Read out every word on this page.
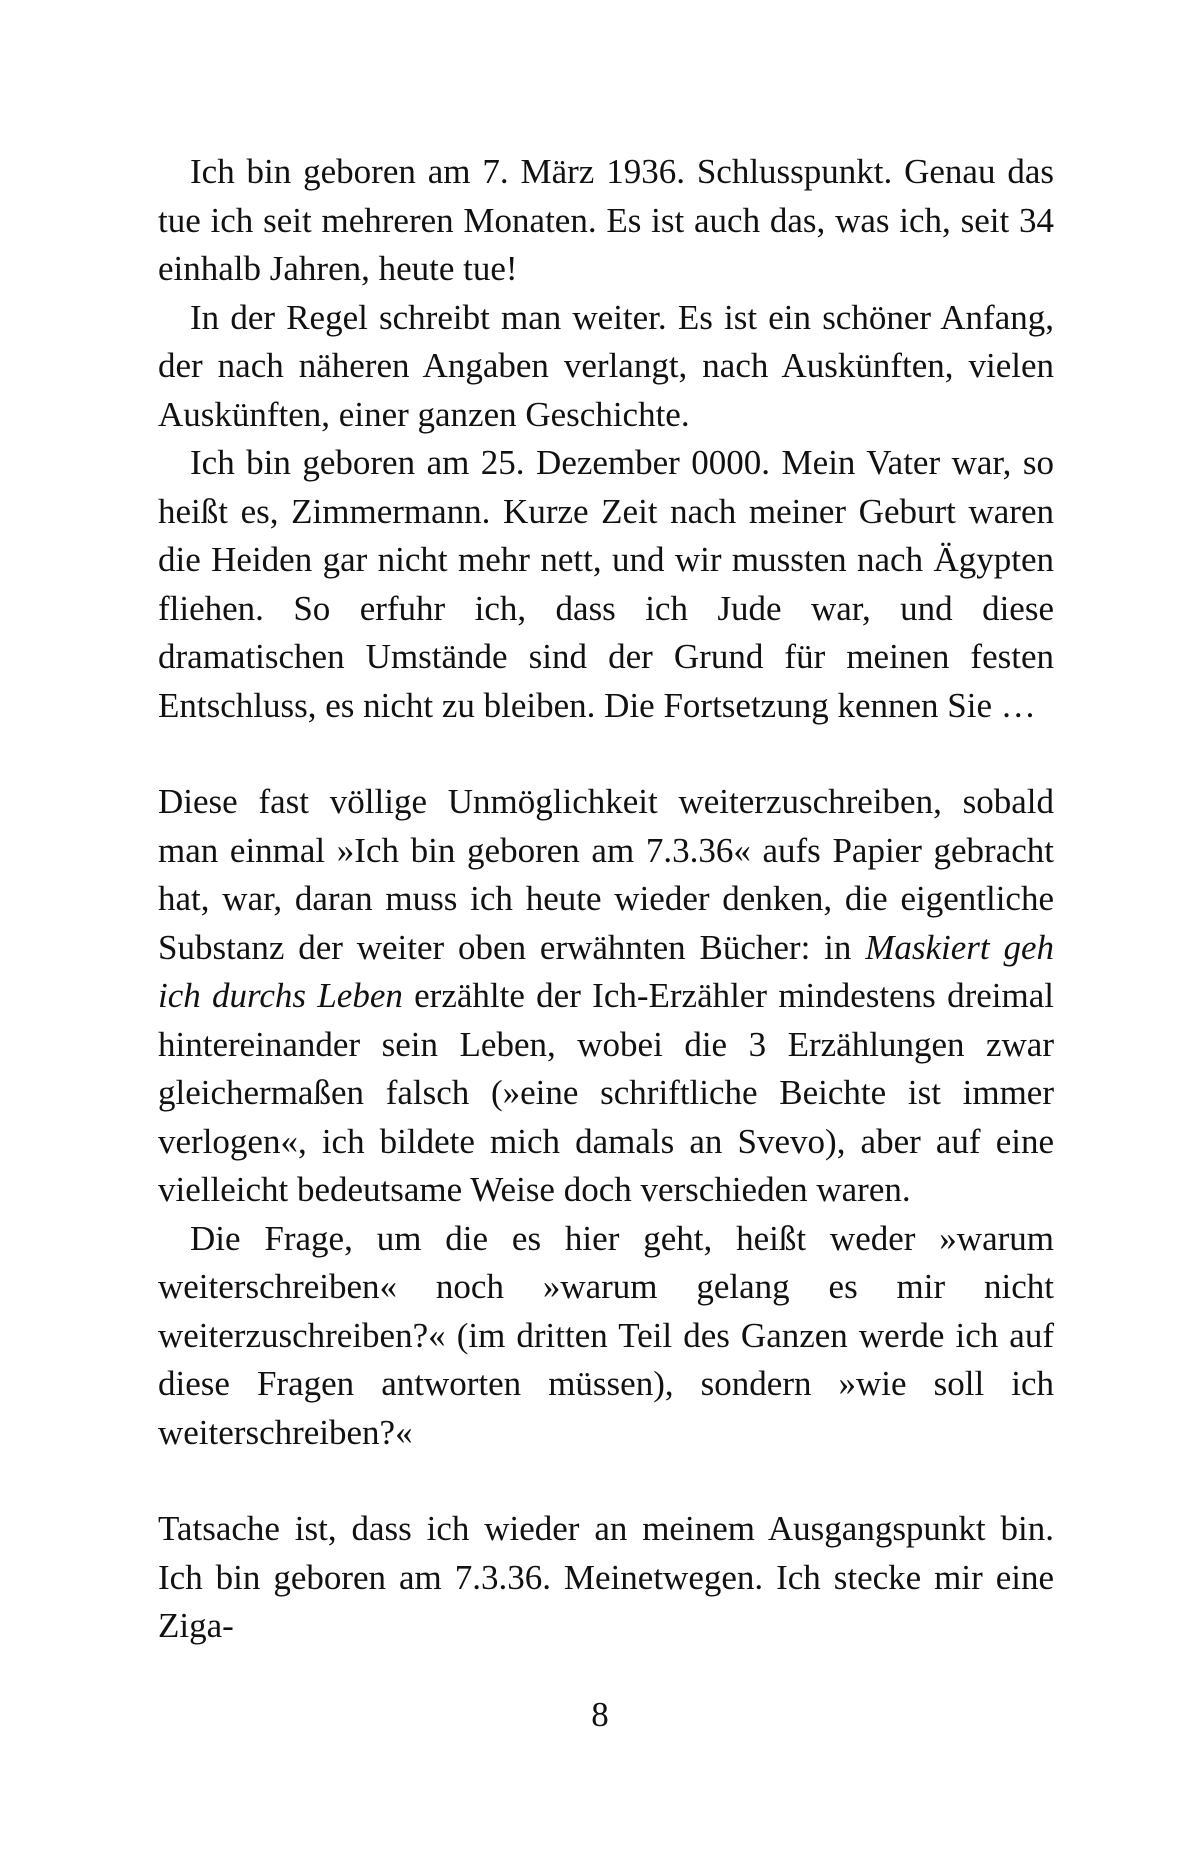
Ich bin geboren am 7. März 1936. Schlusspunkt. Genau das tue ich seit mehreren Monaten. Es ist auch das, was ich, seit 34 einhalb Jahren, heute tue!

In der Regel schreibt man weiter. Es ist ein schöner Anfang, der nach näheren Angaben verlangt, nach Auskünften, vielen Auskünften, einer ganzen Geschichte.

Ich bin geboren am 25. Dezember 0000. Mein Vater war, so heißt es, Zimmermann. Kurze Zeit nach meiner Geburt waren die Heiden gar nicht mehr nett, und wir mussten nach Ägypten fliehen. So erfuhr ich, dass ich Jude war, und diese dramatischen Umstände sind der Grund für meinen festen Entschluss, es nicht zu bleiben. Die Fortsetzung kennen Sie …

Diese fast völlige Unmöglichkeit weiterzuschreiben, sobald man einmal »Ich bin geboren am 7.3.36« aufs Papier gebracht hat, war, daran muss ich heute wieder denken, die eigentliche Substanz der weiter oben erwähnten Bücher: in Maskiert geh ich durchs Leben erzählte der Ich-Erzähler mindestens dreimal hintereinander sein Leben, wobei die 3 Erzählungen zwar gleichermaßen falsch (»eine schriftliche Beichte ist immer verlogen«, ich bildete mich damals an Svevo), aber auf eine vielleicht bedeutsame Weise doch verschieden waren.

Die Frage, um die es hier geht, heißt weder »warum weiterschreiben« noch »warum gelang es mir nicht weiterzuschreiben?« (im dritten Teil des Ganzen werde ich auf diese Fragen antworten müssen), sondern »wie soll ich weiterschreiben?«

Tatsache ist, dass ich wieder an meinem Ausgangspunkt bin. Ich bin geboren am 7.3.36. Meinetwegen. Ich stecke mir eine Ziga-

8
